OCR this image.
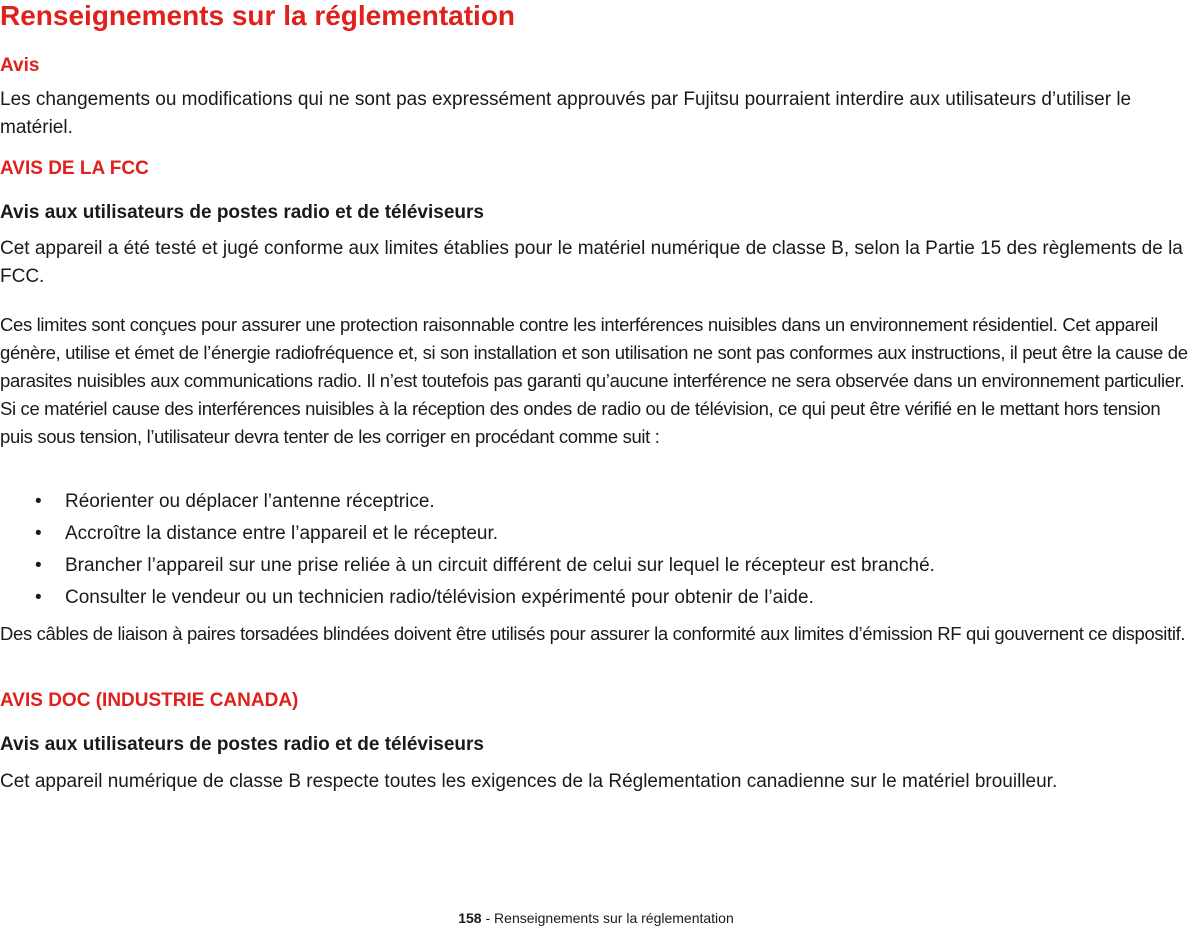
Renseignements sur la réglementation
Avis

Les changements ou modifications qui ne sont pas expressément approuvés par Fujitsu pourraient interdire aux utilisateurs d’utiliser le matériel.

AVIS DE LA FCC
Avis aux utilisateurs de postes radio et de téléviseurs

Cet appareil a été testé et jugé conforme aux limites établies pour le matériel numérique de classe B, selon la Partie 15 des règlements de la FCC.

Ces limites sont conçues pour assurer une protection raisonnable contre les interférences nuisibles dans un environnement résidentiel. Cet appareil génère, utilise et émet de l’énergie radiofréquence et, si son installation et son utilisation ne sont pas conformes aux instructions, il peut être la cause de parasites nuisibles aux communications radio. Il n’est toutefois pas garanti qu’aucune interférence ne sera observée dans un environnement particulier. Si ce matériel cause des interférences nuisibles à la réception des ondes de radio ou de télévision, ce qui peut être vérifié en le mettant hors tension puis sous tension, l’utilisateur devra tenter de les corriger en procédant comme suit :

• Réorienter ou déplacer l’antenne réceptrice.
• Accroître la distance entre l’appareil et le récepteur.
• Brancher l’appareil sur une prise reliée à un circuit différent de celui sur lequel le récepteur est branché.
• Consulter le vendeur ou un technicien radio/télévision expérimenté pour obtenir de l’aide.

Des câbles de liaison à paires torsadées blindées doivent être utilisés pour assurer la conformité aux limites d’émission RF qui gouvernent ce dispositif.

AVIS DOC (INDUSTRIE CANADA)
Avis aux utilisateurs de postes radio et de téléviseurs

Cet appareil numérique de classe B respecte toutes les exigences de la Réglementation canadienne sur le matériel brouilleur.

158 - Renseignements sur la réglementation
